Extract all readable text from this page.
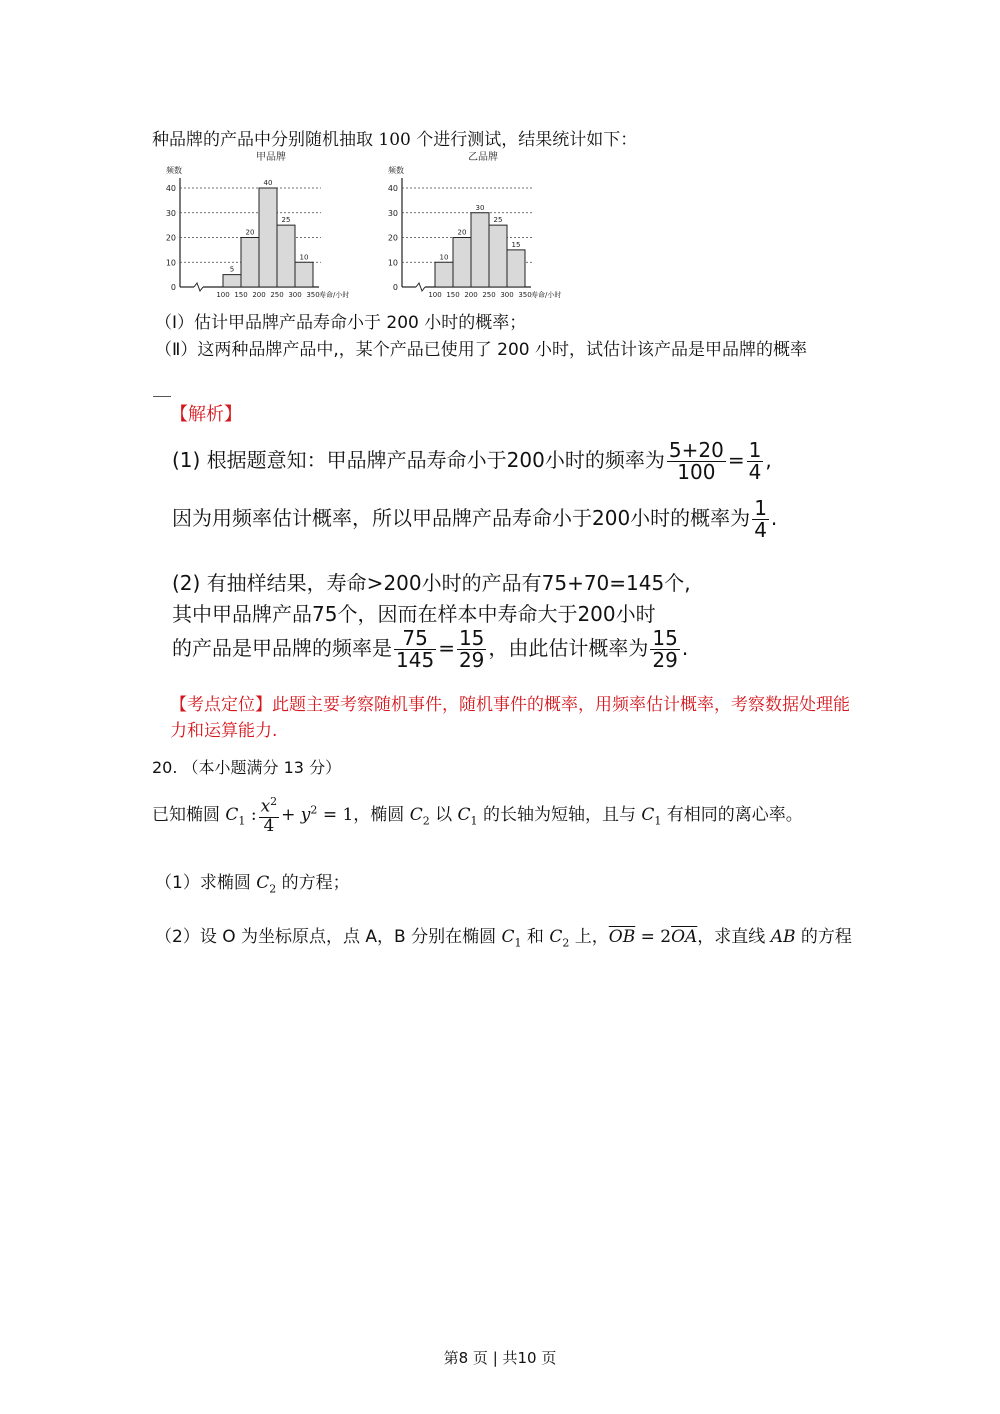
种品牌的产品中分别随机抽取 100 个进行测试，结果统计如下：
甲品牌
频数
0
10
20
30
40
5
20
40
25
10
100 150 200 250 300 350 寿命/小时
乙品牌
频数
0
10
20
30
40
10
20
30
25
15
100 150 200 250 300 350 寿命/小时
（Ⅰ）估计甲品牌产品寿命小于 200 小时的概率；
（Ⅱ）这两种品牌产品中,，某个产品已使用了 200 小时，试估计该产品是甲品牌的概率
【解析】
(1) 根据题意知：甲品牌产品寿命小于200小时的频率为 $\frac{5+20}{100} = \frac{1}{4}$ ,
因为用频率估计概率，所以甲品牌产品寿命小于200小时的概率为 $\frac{1}{4}$ .
(2) 有抽样结果，寿命>200小时的产品有75+70=145个,
其中甲品牌产品75个，因而在样本中寿命大于200小时
的产品是甲品牌的频率是 $\frac{75}{145} = \frac{15}{29}$ ，由此估计概率为 $\frac{15}{29}$ .
【考点定位】此题主要考察随机事件，随机事件的概率，用频率估计概率，考察数据处理能
力和运算能力.
20. （本小题满分 13 分）
已知椭圆 $C_1$ : $\frac{x^2}{4} + y^2 = 1$，椭圆 $C_2$ 以 $C_1$ 的长轴为短轴，且与 $C_1$ 有相同的离心率。
（1）求椭圆 $C_2$ 的方程；
（2）设 O 为坐标原点，点 A，B 分别在椭圆 $C_1$ 和 $C_2$ 上，$\overline{OB} = 2\overline{OA}$，求直线 AB 的方程
第8 页 | 共10 页
